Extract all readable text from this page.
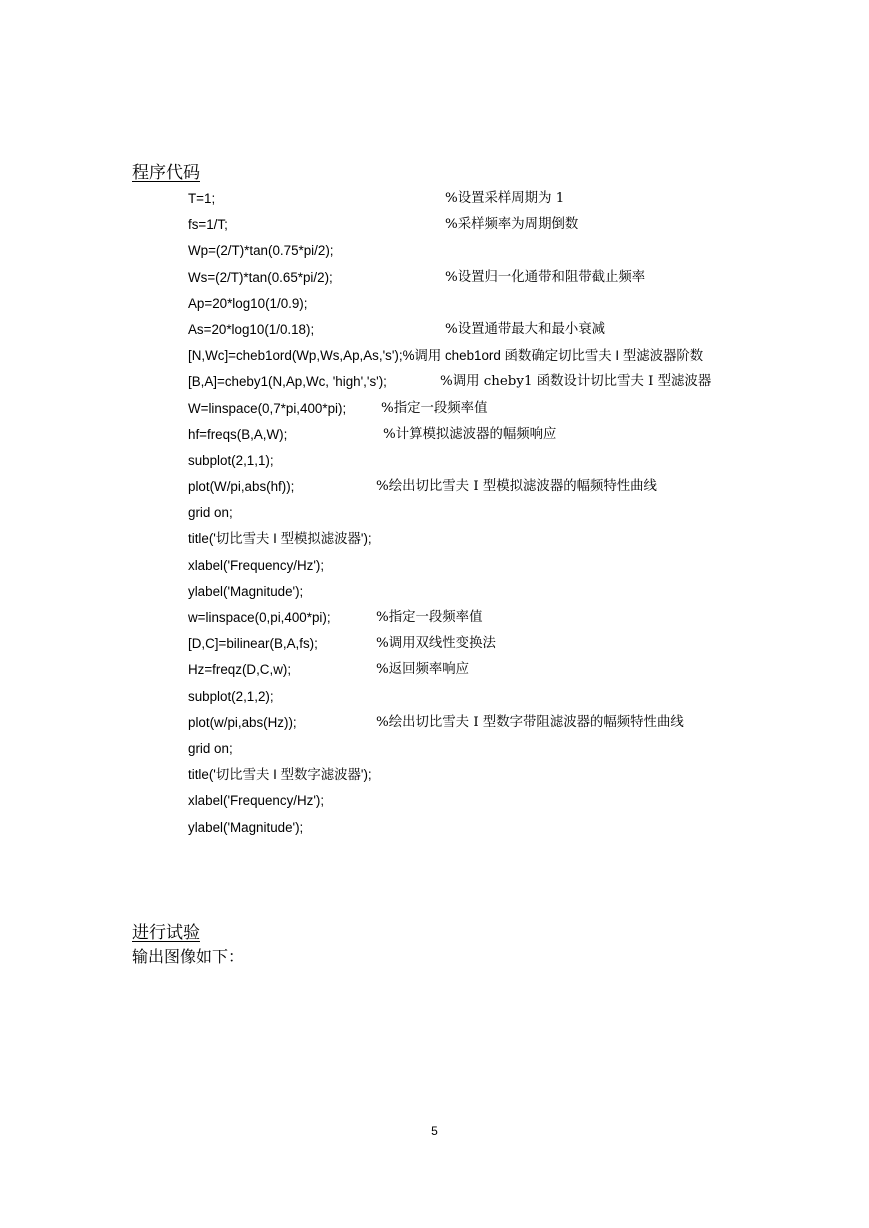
程序代码
T=1;	%设置采样周期为 1
fs=1/T;	%采样频率为周期倒数
Wp=(2/T)*tan(0.75*pi/2);
Ws=(2/T)*tan(0.65*pi/2);	%设置归一化通带和阻带截止频率
Ap=20*log10(1/0.9);
As=20*log10(1/0.18);	%设置通带最大和最小衰减
[N,Wc]=cheb1ord(Wp,Ws,Ap,As,'s');%调用 cheb1ord 函数确定切比雪夫 I 型滤波器阶数
[B,A]=cheby1(N,Ap,Wc, 'high','s');	%调用 cheby1 函数设计切比雪夫 I 型滤波器
W=linspace(0,7*pi,400*pi);	%指定一段频率值
hf=freqs(B,A,W);	%计算模拟滤波器的幅频响应
subplot(2,1,1);
plot(W/pi,abs(hf));	%绘出切比雪夫 I 型模拟滤波器的幅频特性曲线
grid on;
title('切比雪夫 I 型模拟滤波器');
xlabel('Frequency/Hz');
ylabel('Magnitude');
w=linspace(0,pi,400*pi);	%指定一段频率值
[D,C]=bilinear(B,A,fs);	%调用双线性变换法
Hz=freqz(D,C,w);	%返回频率响应
subplot(2,1,2);
plot(w/pi,abs(Hz));	%绘出切比雪夫 I 型数字带阻滤波器的幅频特性曲线
grid on;
title('切比雪夫 I 型数字滤波器');
xlabel('Frequency/Hz');
ylabel('Magnitude');
进行试验
输出图像如下：
5
